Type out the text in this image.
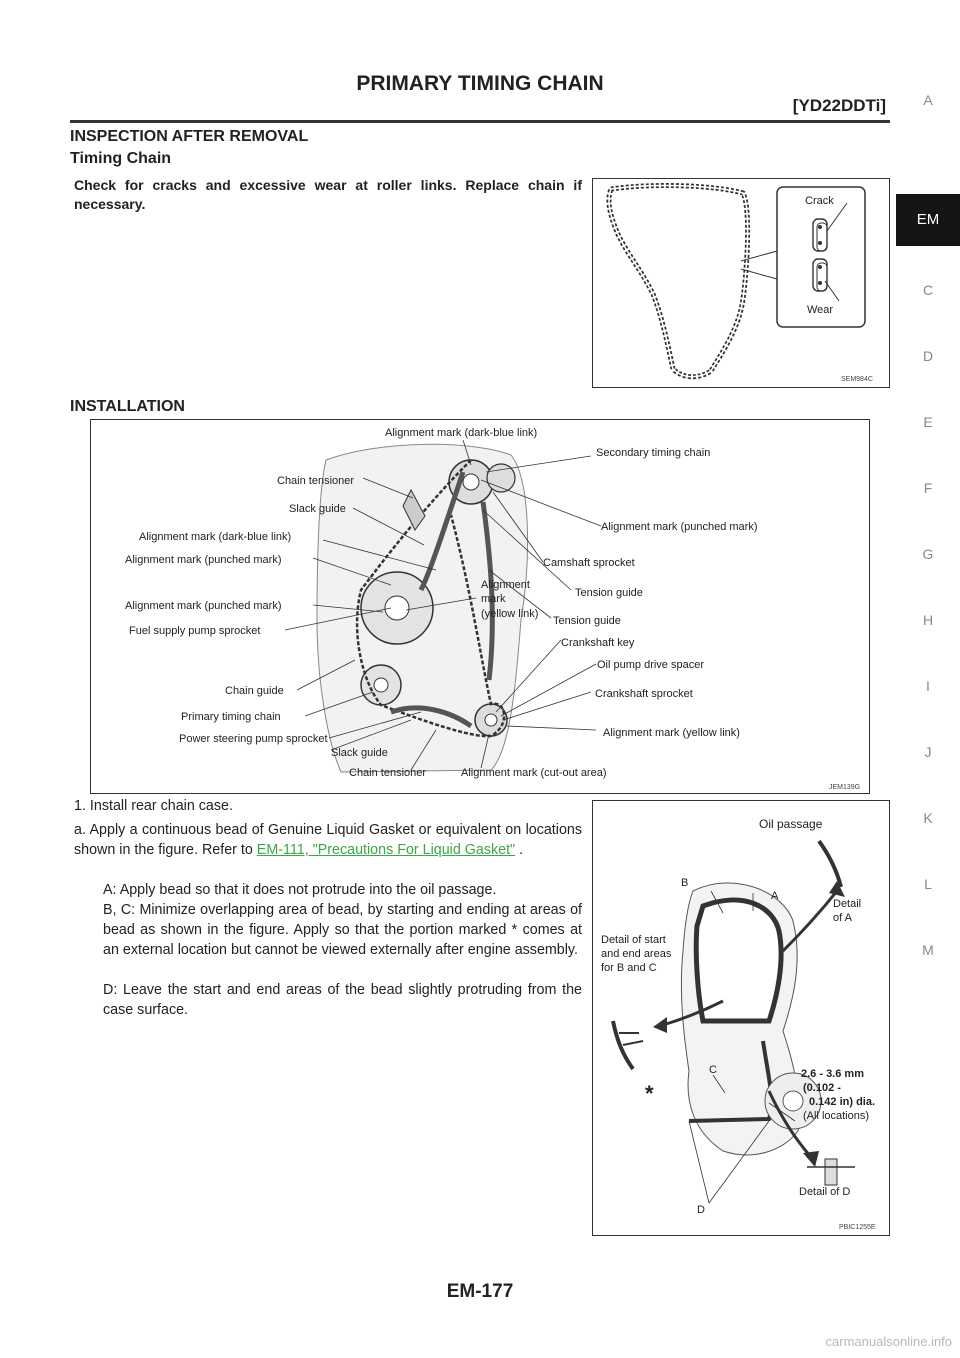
PRIMARY TIMING CHAIN
[YD22DDTi]
INSPECTION AFTER REMOVAL
Timing Chain
Check for cracks and excessive wear at roller links. Replace chain if necessary.	Crack
Wear
SEM984C
INSTALLATION
Alignment mark (dark-blue link)
Secondary timing chain
Chain tensioner
Slack guide
Alignment mark (punched mark)
Alignment mark (dark-blue link)
Alignment mark (punched mark)	Camshaft sprocket
Alignment
mark
(yellow link)
Tension guide
Alignment mark (punched mark)
Tension guide
Fuel supply pump sprocket
Crankshaft key
Oil pump drive spacer
Chain guide	Crankshaft sprocket
Primary timing chain
Power steering pump sprocket	Alignment mark (yellow link)
Slack guide
Chain tensioner	Alignment mark (cut-out area)
JEM139G
1. Install rear chain case.
a. Apply a continuous bead of Genuine Liquid Gasket or equivalent on locations shown in the figure. Refer to EM-111, "Precautions For Liquid Gasket" .
A: Apply bead so that it does not protrude into the oil passage.
B, C: Minimize overlapping area of bead, by starting and ending at areas of bead as shown in the figure. Apply so that the portion marked * comes at an external location but cannot be viewed externally after engine assembly.
D: Leave the start and end areas of the bead slightly protruding from the case surface.
Oil passage
B
A
Detail
of A
Detail of start
and end areas
for B and C
C
*
2.6 - 3.6 mm
(0.102 -
0.142 in) dia.
(All locations)
D
Detail of D
PBIC1255E
A
EM
C
D
E
F
G
H
I
J
K
L
M
EM-177
carmanualsonline.info
